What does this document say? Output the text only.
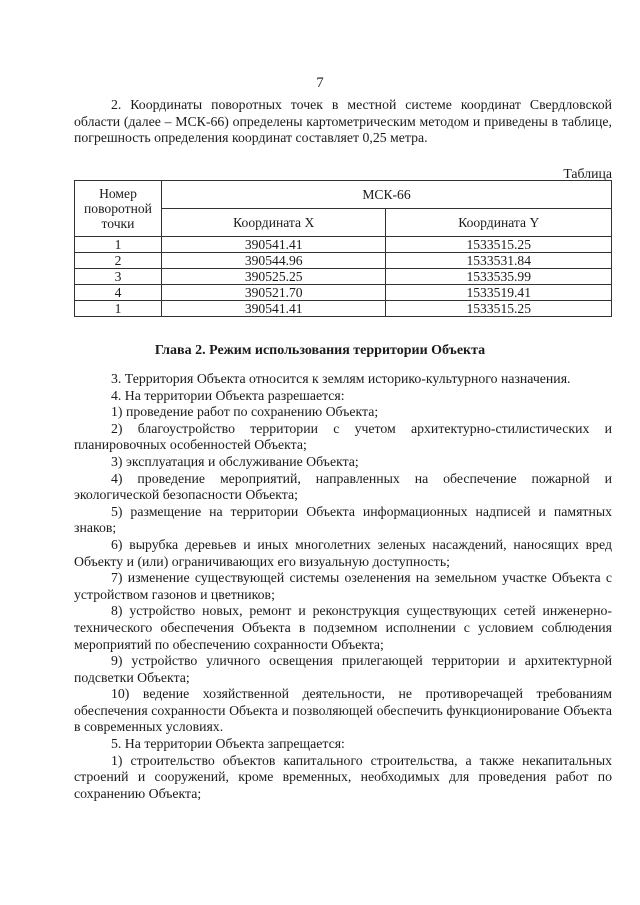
7
2. Координаты поворотных точек в местной системе координат Свердловской области (далее – МСК-66) определены картометрическим методом и приведены в таблице, погрешность определения координат составляет 0,25 метра.
Таблица
Номер поворотной точки	МСК-66	
	Координата X	Координата Y
1	390541.41	1533515.25
2	390544.96	1533531.84
3	390525.25	1533535.99
4	390521.70	1533519.41
1	390541.41	1533515.25
Глава 2. Режим использования территории Объекта

3. Территория Объекта относится к землям историко-культурного назначения.

4. На территории Объекта разрешается:

1) проведение работ по сохранению Объекта;

2) благоустройство территории с учетом архитектурно-стилистических и планировочных особенностей Объекта;

3) эксплуатация и обслуживание Объекта;

4) проведение мероприятий, направленных на обеспечение пожарной и экологической безопасности Объекта;

5) размещение на территории Объекта информационных надписей и памятных знаков;

6) вырубка деревьев и иных многолетних зеленых насаждений, наносящих вред Объекту и (или) ограничивающих его визуальную доступность;

7) изменение существующей системы озеленения на земельном участке Объекта с устройством газонов и цветников;

8) устройство новых, ремонт и реконструкция существующих сетей инженерно-технического обеспечения Объекта в подземном исполнении с условием соблюдения мероприятий по обеспечению сохранности Объекта;

9) устройство уличного освещения прилегающей территории и архитектурной подсветки Объекта;

10) ведение хозяйственной деятельности, не противоречащей требованиям обеспечения сохранности Объекта и позволяющей обеспечить функционирование Объекта в современных условиях.

5. На территории Объекта запрещается:

1) строительство объектов капитального строительства, а также некапитальных строений и сооружений, кроме временных, необходимых для проведения работ по сохранению Объекта;
